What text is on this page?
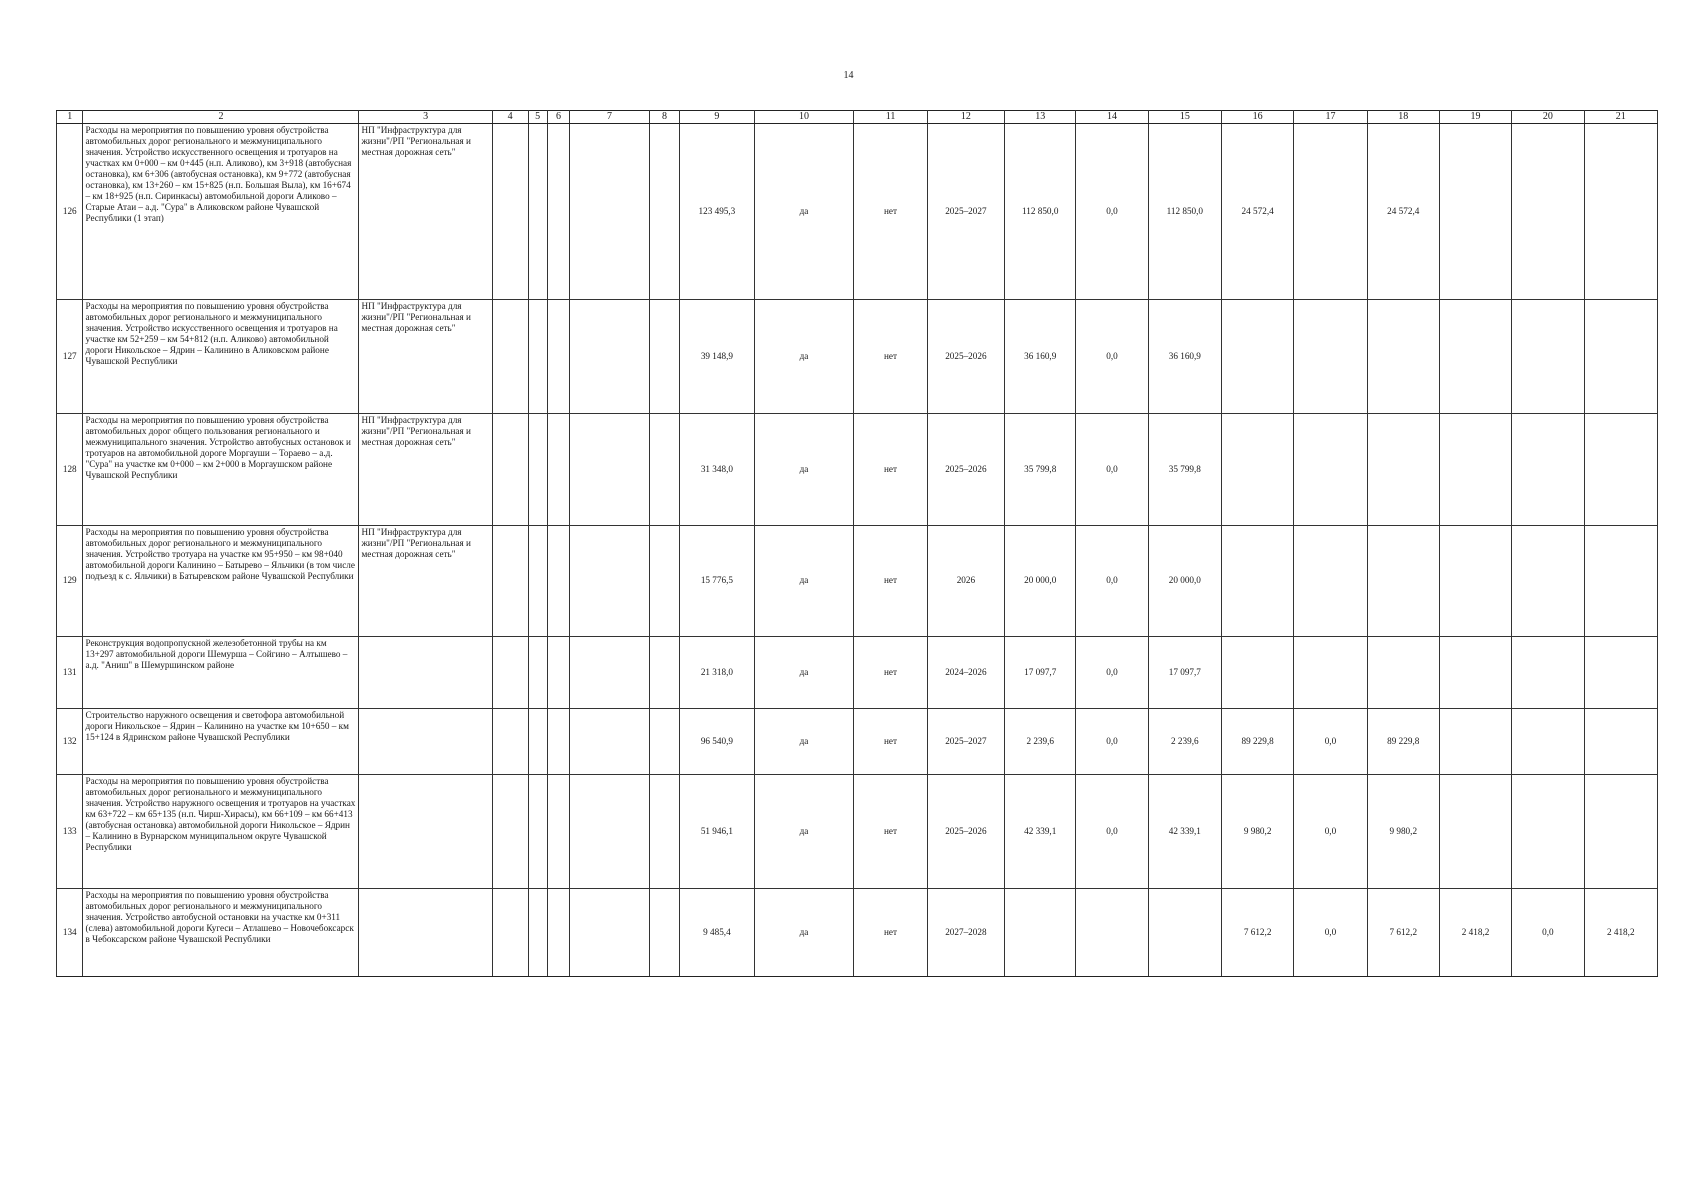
14
1	2	3	4	5	6	7	8	9	10	11	12	13	14	15	16	17	18	19	20	21
126	Расходы на мероприятия по повышению уровня обустройства автомобильных дорог регионального и межмуниципального значения. Устройство искусственного освещения и тротуаров на участках км 0+000 – км 0+445 (н.п. Аликово), км 3+918 (автобусная остановка), км 6+306 (автобусная остановка), км 9+772 (автобусная остановка), км 13+260 – км 15+825 (н.п. Большая Выла), км 16+674 – км 18+925 (н.п. Сиринкасы) автомобильной дороги Аликово – Старые Атаи – а.д. "Сура" в Аликовском районе Чувашской Республики (1 этап)	НП "Инфраструктура для жизни"/РП "Региональная и местная дорожная сеть"						123 495,3	да	нет	2025–2027	112 850,0	0,0	112 850,0	24 572,4		24 572,4			
127	Расходы на мероприятия по повышению уровня обустройства автомобильных дорог регионального и межмуниципального значения. Устройство искусственного освещения и тротуаров на участке км 52+259 – км 54+812 (н.п. Аликово) автомобильной дороги Никольское – Ядрин – Калинино в Аликовском районе Чувашской Республики	НП "Инфраструктура для жизни"/РП "Региональная и местная дорожная сеть"						39 148,9	да	нет	2025–2026	36 160,9	0,0	36 160,9						
128	Расходы на мероприятия по повышению уровня обустройства автомобильных дорог общего пользования регионального и межмуниципального значения. Устройство автобусных остановок и тротуаров на автомобильной дороге Моргауши – Тораево – а.д. "Сура" на участке км 0+000 – км 2+000 в Моргаушском районе Чувашской Республики	НП "Инфраструктура для жизни"/РП "Региональная и местная дорожная сеть"						31 348,0	да	нет	2025–2026	35 799,8	0,0	35 799,8						
129	Расходы на мероприятия по повышению уровня обустройства автомобильных дорог регионального и межмуниципального значения. Устройство тротуара на участке км 95+950 – км 98+040 автомобильной дороги Калинино – Батырево – Яльчики (в том числе подъезд к с. Яльчики) в Батыревском районе Чувашской Республики	НП "Инфраструктура для жизни"/РП "Региональная и местная дорожная сеть"						15 776,5	да	нет	2026	20 000,0	0,0	20 000,0						
131	Реконструкция водопропускной железобетонной трубы на км 13+297 автомобильной дороги Шемурша – Сойгино – Алтышево – а.д. "Аниш" в Шемуршинском районе							21 318,0	да	нет	2024–2026	17 097,7	0,0	17 097,7						
132	Строительство наружного освещения и светофора автомобильной дороги Никольское – Ядрин – Калинино на участке км 10+650 – км 15+124 в Ядринском районе Чувашской Республики							96 540,9	да	нет	2025–2027	2 239,6	0,0	2 239,6	89 229,8	0,0	89 229,8			
133	Расходы на мероприятия по повышению уровня обустройства автомобильных дорог регионального и межмуниципального значения. Устройство наружного освещения и тротуаров на участках км 63+722 – км 65+135 (н.п. Чирш-Хирасы), км 66+109 – км 66+413 (автобусная остановка) автомобильной дороги Никольское – Ядрин – Калинино в Вурнарском муниципальном округе Чувашской Республики							51 946,1	да	нет	2025–2026	42 339,1	0,0	42 339,1	9 980,2	0,0	9 980,2			
134	Расходы на мероприятия по повышению уровня обустройства автомобильных дорог регионального и межмуниципального значения. Устройство автобусной остановки на участке км 0+311 (слева) автомобильной дороги Кугеси – Атлашево – Новочебоксарск в Чебоксарском районе Чувашской Республики							9 485,4	да	нет	2027–2028				7 612,2	0,0	7 612,2	2 418,2	0,0	2 418,2
